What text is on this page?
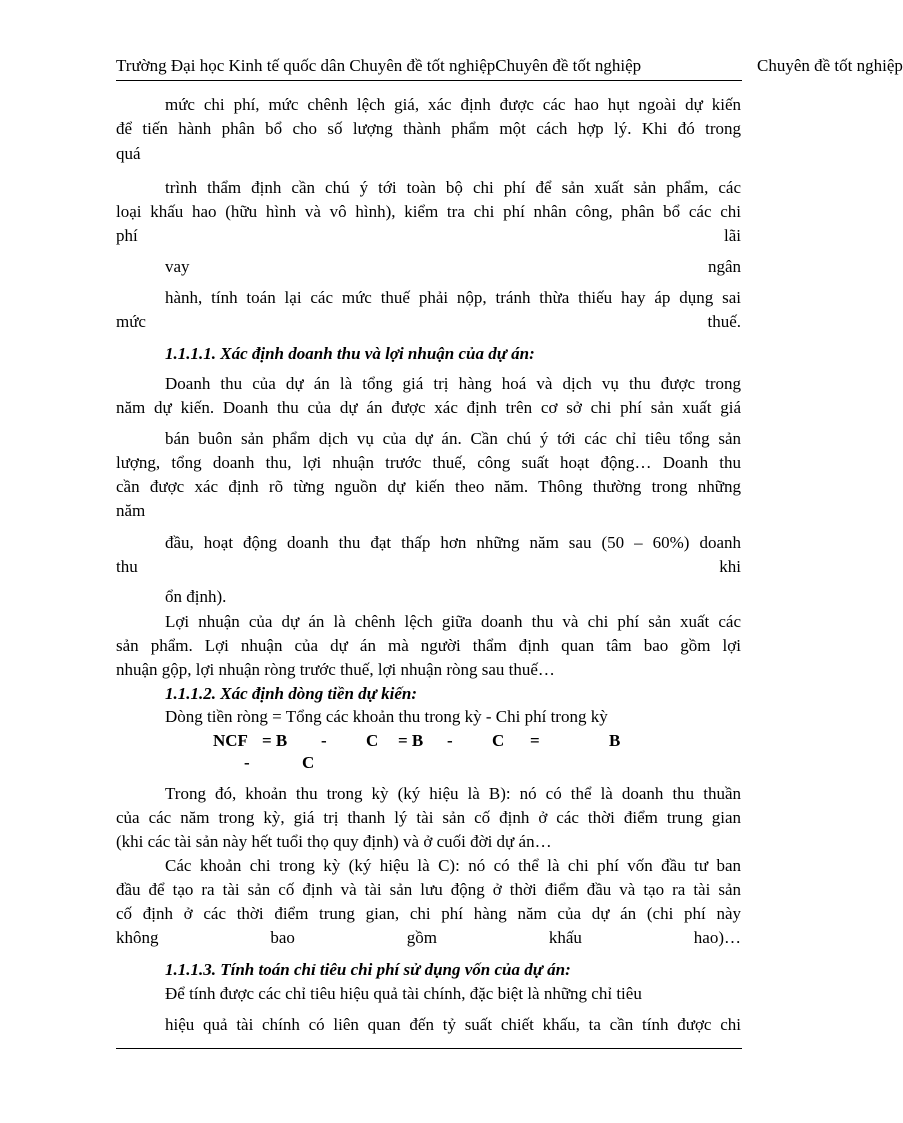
Trường Đại học Kinh tế quốc dân Chuyên đề tốt nghiệpChuyên đề tốt nghiệp	Chuyên đề tốt nghiệp
mức chi phí, mức chênh lệch giá, xác định được các hao hụt ngoài dự kiến
để tiến hành phân bổ cho số lượng thành phẩm một cách hợp lý. Khi đó trong
quá
trình thẩm định cần chú ý tới toàn bộ chi phí để sản xuất sản phẩm, các
loại khấu hao (hữu hình và vô hình), kiểm tra chi phí nhân công, phân bổ các chi
phí	lãi
vay	ngân
hành, tính toán lại các mức thuế phải nộp, tránh thừa thiếu hay áp dụng sai
mức	thuế.
1.1.1.1. Xác định doanh thu và lợi nhuận của dự án:
Doanh thu của dự án là tổng giá trị hàng hoá và dịch vụ thu được trong
năm dự kiến. Doanh thu của dự án được xác định trên cơ sở chi phí sản xuất giá
bán buôn sản phẩm dịch vụ của dự án. Cần chú ý tới các chỉ tiêu tổng sản
lượng, tổng doanh thu, lợi nhuận trước thuế, công suất hoạt động… Doanh thu
cần được xác định rõ từng nguồn dự kiến theo năm. Thông thường trong những
năm
đầu, hoạt động doanh thu đạt thấp hơn những năm sau (50 – 60%) doanh
thu	khi
ổn định).
Lợi nhuận của dự án là chênh lệch giữa doanh thu và chi phí sản xuất các
sản phẩm. Lợi nhuận của dự án mà người thẩm định quan tâm bao gồm lợi
nhuận gộp, lợi nhuận ròng trước thuế, lợi nhuận ròng sau thuế…
1.1.1.2. Xác định dòng tiền dự kiến:
Dòng tiền ròng = Tổng các khoản thu trong kỳ - Chi phí trong kỳ
NCF = B - C = B - C =	B
-	C
Trong đó, khoản thu trong kỳ (ký hiệu là B): nó có thể là doanh thu thuần
của các năm trong kỳ, giá trị thanh lý tài sản cố định ở các thời điểm trung gian
(khi các tài sản này hết tuổi thọ quy định) và ở cuối đời dự án…
Các khoản chi trong kỳ (ký hiệu là C): nó có thể là chi phí vốn đầu tư ban
đầu để tạo ra tài sản cố định và tài sản lưu động ở thời điểm đầu và tạo ra tài sản
cố định ở các thời điểm trung gian, chi phí hàng năm của dự án (chi phí này
không bao gồm khấu hao)…
1.1.1.3. Tính toán chỉ tiêu chi phí sử dụng vốn của dự án:
Để tính được các chỉ tiêu hiệu quả tài chính, đặc biệt là những chỉ tiêu
hiệu quả tài chính có liên quan đến tỷ suất chiết khấu, ta cần tính được chi
